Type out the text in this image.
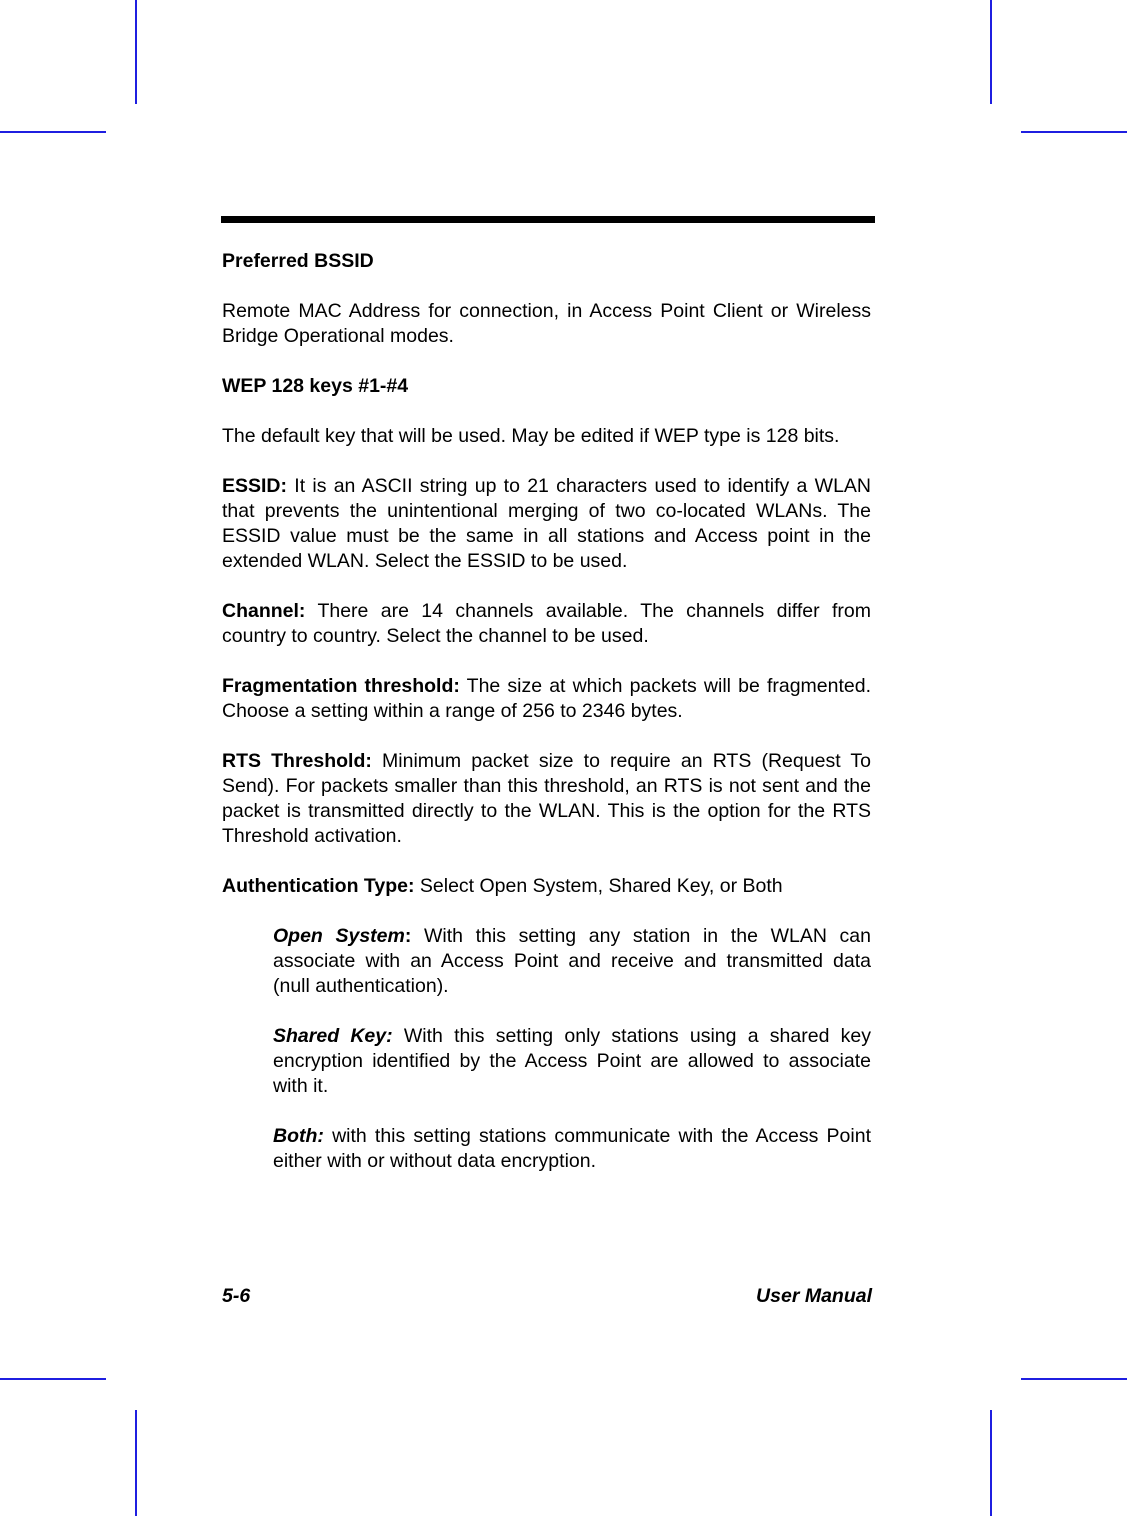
Preferred BSSID

Remote MAC Address for connection, in Access Point Client or Wireless Bridge Operational modes.

WEP 128 keys #1-#4

The default key that will be used. May be edited if WEP type is 128 bits.

ESSID: It is an ASCII string up to 21 characters used to identify a WLAN that prevents the unintentional merging of two co-located WLANs. The ESSID value must be the same in all stations and Access point in the extended WLAN. Select the ESSID to be used.

Channel: There are 14 channels available. The channels differ from country to country. Select the channel to be used.

Fragmentation threshold: The size at which packets will be fragmented. Choose a setting within a range of 256 to 2346 bytes.

RTS Threshold: Minimum packet size to require an RTS (Request To Send). For packets smaller than this threshold, an RTS is not sent and the packet is transmitted directly to the WLAN. This is the option for the RTS Threshold activation.

Authentication Type: Select Open System, Shared Key, or Both

Open System: With this setting any station in the WLAN can associate with an Access Point and receive and transmitted data (null authentication).

Shared Key: With this setting only stations using a shared key encryption identified by the Access Point are allowed to associate with it.

Both: with this setting stations communicate with the Access Point either with or without data encryption.

5-6	User Manual
